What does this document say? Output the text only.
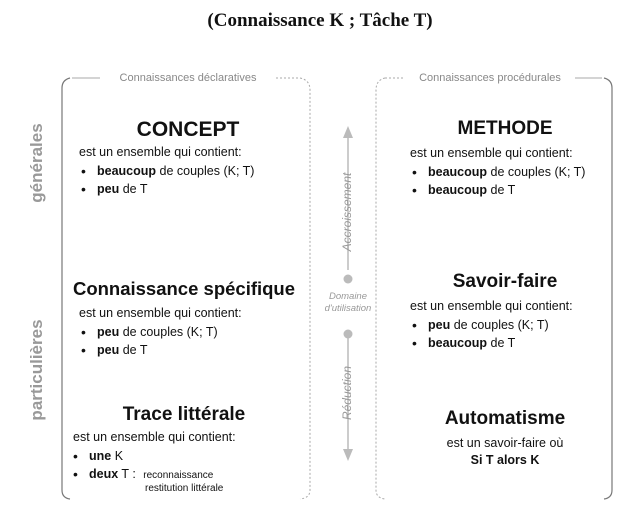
(Connaissance K ; Tâche T)
Connaissances déclaratives	Connaissances procédurales
générales
particulières
Accroissement
Domaine
d'utilisation
Réduction
CONCEPT
est un ensemble qui contient:
• beaucoup de couples (K; T)
• peu de T
METHODE
est un ensemble qui contient:
• beaucoup de couples (K; T)
• beaucoup de T
Connaissance spécifique
est un ensemble qui contient:
• peu de couples (K; T)
• peu de T
Savoir-faire
est un ensemble qui contient:
• peu de couples (K; T)
• beaucoup de T
Trace littérale
est un ensemble qui contient:
• une K
• deux T : reconnaissance
restitution littérale
Automatisme
est un savoir-faire où
Si T alors K
